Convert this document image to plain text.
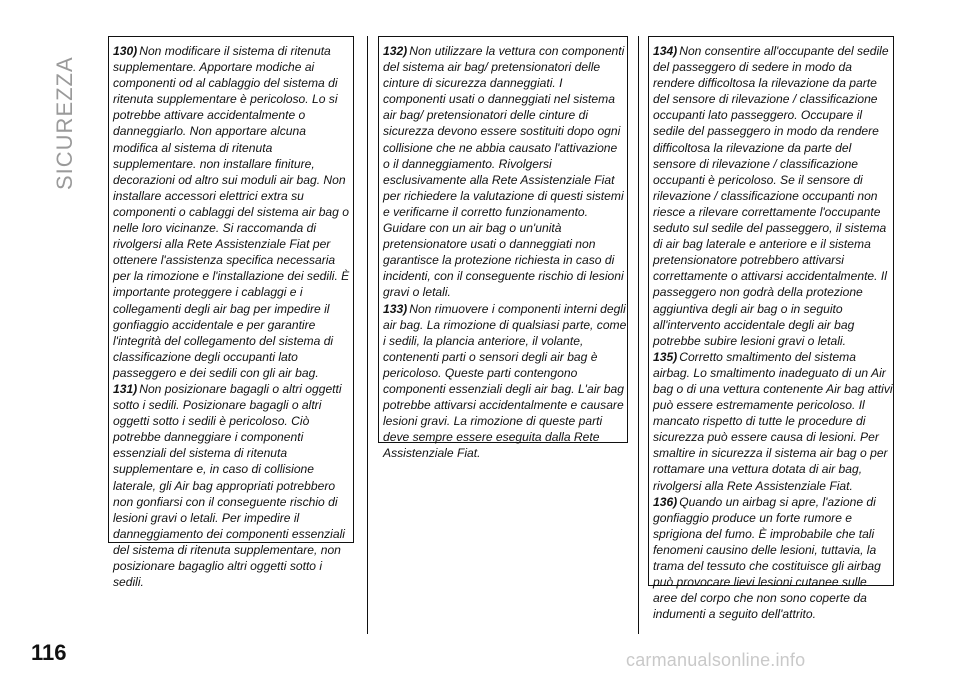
SICUREZZA
130) Non modificare il sistema di ritenuta supplementare. Apportare modiche ai componenti od al cablaggio del sistema di ritenuta supplementare è pericoloso. Lo si potrebbe attivare accidentalmente o danneggiarlo. Non apportare alcuna modifica al sistema di ritenuta supplementare. non installare finiture, decorazioni od altro sui moduli air bag. Non installare accessori elettrici extra su componenti o cablaggi del sistema air bag o nelle loro vicinanze. Si raccomanda di rivolgersi alla Rete Assistenziale Fiat per ottenere l'assistenza specifica necessaria per la rimozione e l'installazione dei sedili. È importante proteggere i cablaggi e i collegamenti degli air bag per impedire il gonfiaggio accidentale e per garantire l'integrità del collegamento del sistema di classificazione degli occupanti lato passeggero e dei sedili con gli air bag.
131) Non posizionare bagagli o altri oggetti sotto i sedili. Posizionare bagagli o altri oggetti sotto i sedili è pericoloso. Ciò potrebbe danneggiare i componenti essenziali del sistema di ritenuta supplementare e, in caso di collisione laterale, gli Air bag appropriati potrebbero non gonfiarsi con il conseguente rischio di lesioni gravi o letali. Per impedire il danneggiamento dei componenti essenziali del sistema di ritenuta supplementare, non posizionare bagaglio altri oggetti sotto i sedili.
132) Non utilizzare la vettura con componenti del sistema air bag/ pretensionatori delle cinture di sicurezza danneggiati. I componenti usati o danneggiati nel sistema air bag/ pretensionatori delle cinture di sicurezza devono essere sostituiti dopo ogni collisione che ne abbia causato l'attivazione o il danneggiamento. Rivolgersi esclusivamente alla Rete Assistenziale Fiat per richiedere la valutazione di questi sistemi e verificarne il corretto funzionamento. Guidare con un air bag o un'unità pretensionatore usati o danneggiati non garantisce la protezione richiesta in caso di incidenti, con il conseguente rischio di lesioni gravi o letali.
133) Non rimuovere i componenti interni degli air bag. La rimozione di qualsiasi parte, come i sedili, la plancia anteriore, il volante, contenenti parti o sensori degli air bag è pericoloso. Queste parti contengono componenti essenziali degli air bag. L'air bag potrebbe attivarsi accidentalmente e causare lesioni gravi. La rimozione di queste parti deve sempre essere eseguita dalla Rete Assistenziale Fiat.
134) Non consentire all'occupante del sedile del passeggero di sedere in modo da rendere difficoltosa la rilevazione da parte del sensore di rilevazione / classificazione occupanti lato passeggero. Occupare il sedile del passeggero in modo da rendere difficoltosa la rilevazione da parte del sensore di rilevazione / classificazione occupanti è pericoloso. Se il sensore di rilevazione / classificazione occupanti non riesce a rilevare correttamente l'occupante seduto sul sedile del passeggero, il sistema di air bag laterale e anteriore e il sistema pretensionatore potrebbero attivarsi correttamente o attivarsi accidentalmente. Il passeggero non godrà della protezione aggiuntiva degli air bag o in seguito all'intervento accidentale degli air bag potrebbe subire lesioni gravi o letali.
135) Corretto smaltimento del sistema airbag. Lo smaltimento inadeguato di un Air bag o di una vettura contenente Air bag attivi può essere estremamente pericoloso. Il mancato rispetto di tutte le procedure di sicurezza può essere causa di lesioni. Per smaltire in sicurezza il sistema air bag o per rottamare una vettura dotata di air bag, rivolgersi alla Rete Assistenziale Fiat.
136) Quando un airbag si apre, l'azione di gonfiaggio produce un forte rumore e sprigiona del fumo. È improbabile che tali fenomeni causino delle lesioni, tuttavia, la trama del tessuto che costituisce gli airbag può provocare lievi lesioni cutanee sulle aree del corpo che non sono coperte da indumenti a seguito dell'attrito.
116	carmanualsonline.info
